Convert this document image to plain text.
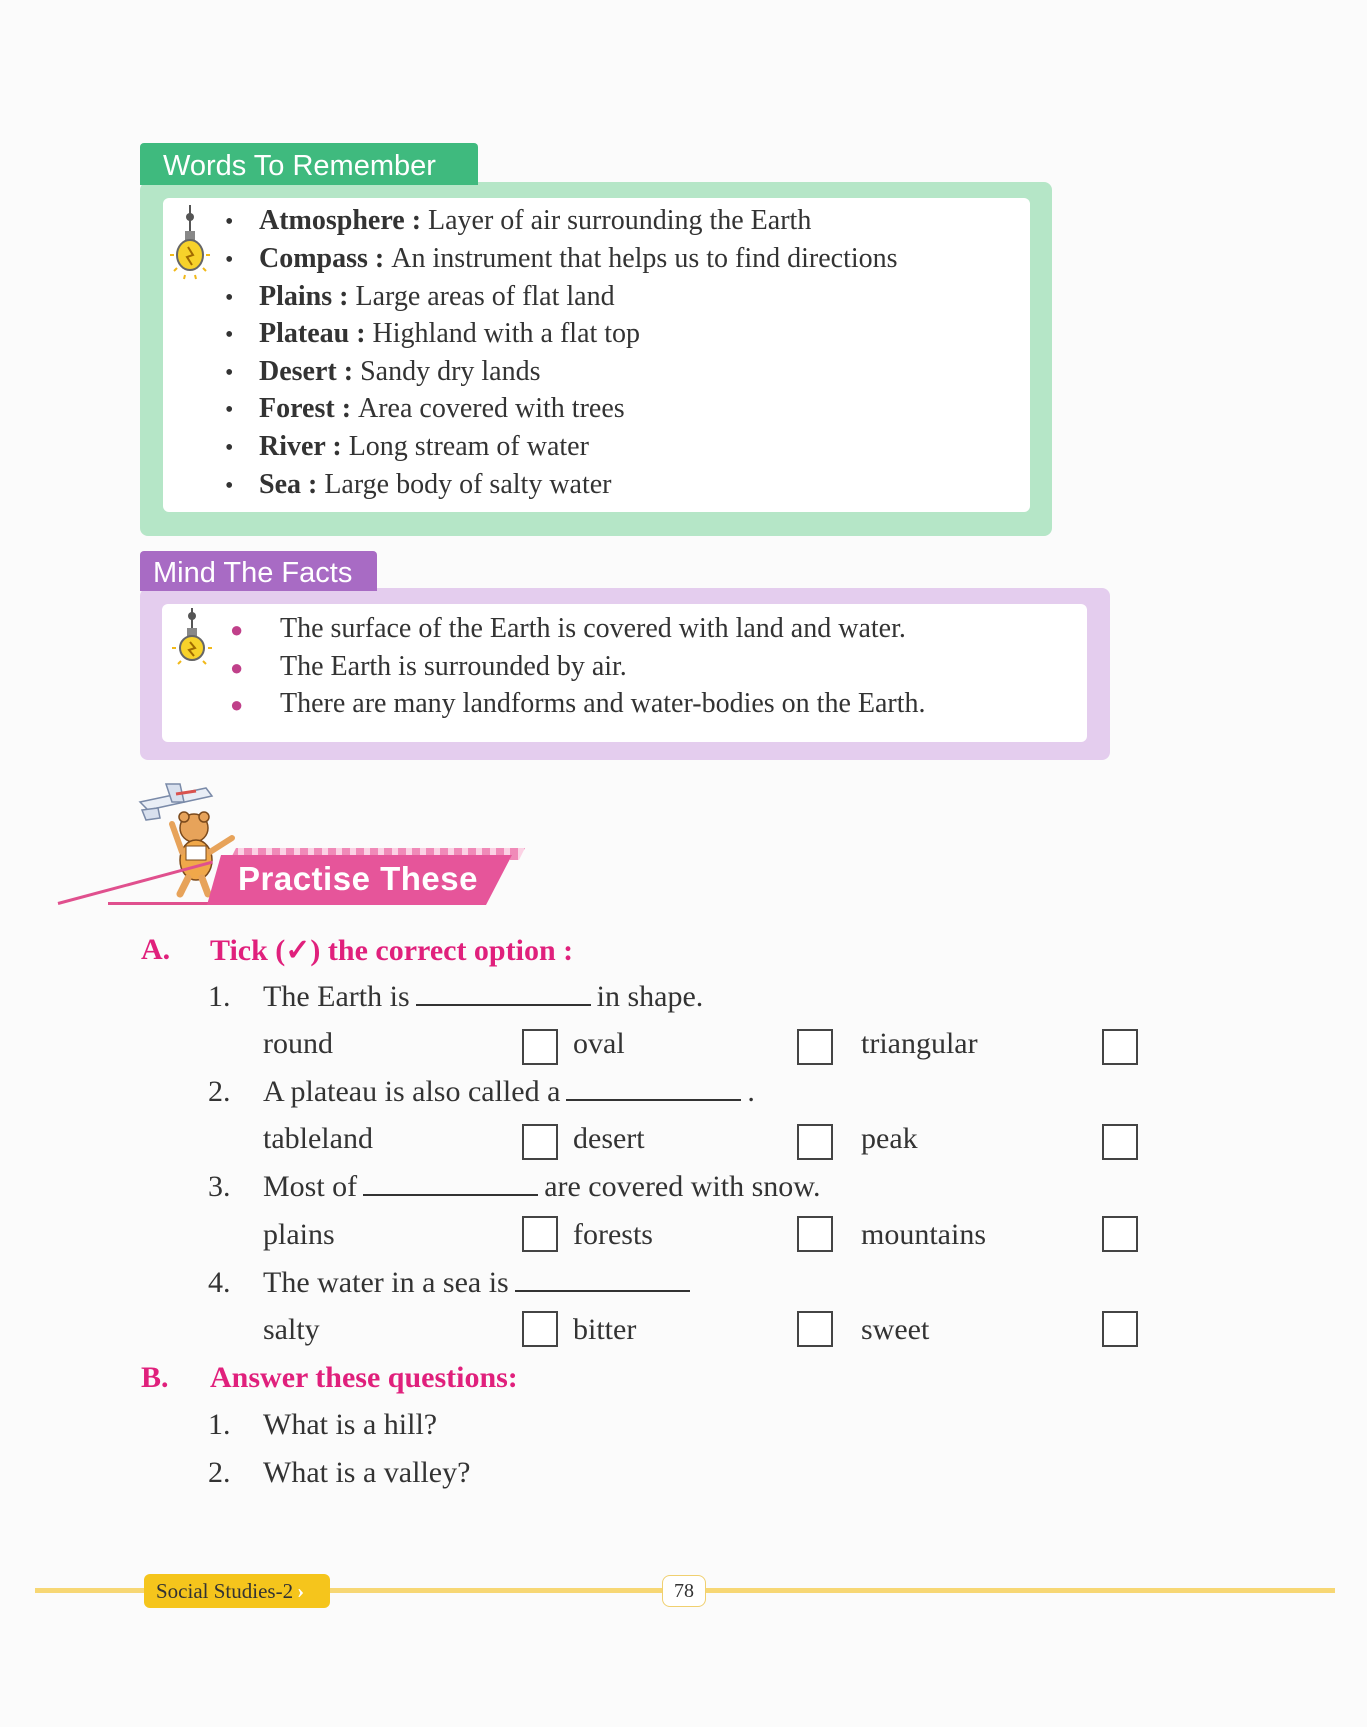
Words To Remember
• Atmosphere : Layer of air surrounding the Earth
• Compass : An instrument that helps us to find directions
• Plains : Large areas of flat land
• Plateau : Highland with a flat top
• Desert : Sandy dry lands
• Forest : Area covered with trees
• River : Long stream of water
• Sea : Large body of salty water
Mind The Facts
● The surface of the Earth is covered with land and water.
● The Earth is surrounded by air.
● There are many landforms and water-bodies on the Earth.
Practise These
A. Tick (✓) the correct option :
1. The Earth is	in shape.
round	oval	triangular
2. A plateau is also called a	.
tableland	desert	peak
3. Most of	are covered with snow.
plains	forests	mountains
4. The water in a sea is
salty	bitter	sweet
B. Answer these questions:
1. What is a hill?
2. What is a valley?
Social Studies-2 ›	78
